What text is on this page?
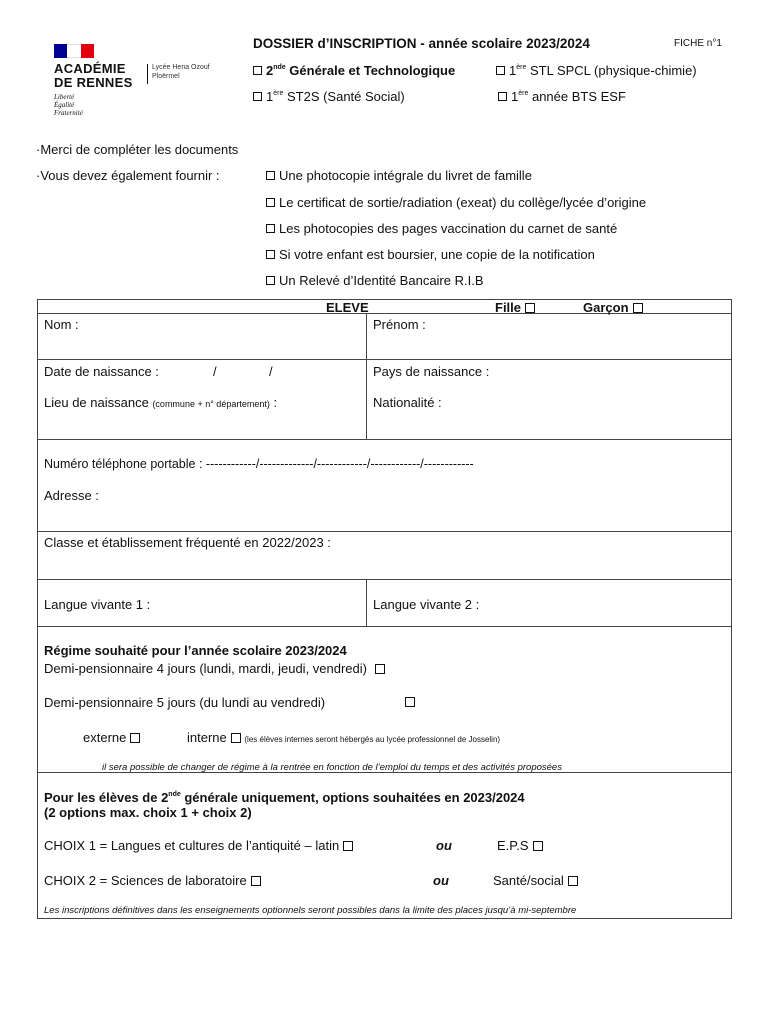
ACADÉMIE
DE RENNES
Liberté
Égalité
Fraternité
Lycée Hena Ozouf
Ploërmel
DOSSIER d’INSCRIPTION - année scolaire 2023/2024	FICHE n°1
2nde Générale et Technologique	1ère STL SPCL (physique-chimie)
1ère ST2S (Santé Social)	1ère année BTS ESF
·Merci de compléter les documents
·Vous devez également fournir :	Une photocopie intégrale du livret de famille
Le certificat de sortie/radiation (exeat) du collège/lycée d’origine
Les photocopies des pages vaccination du carnet de santé
Si votre enfant est boursier, une copie de la notification
Un Relevé d’Identité Bancaire R.I.B
ELEVE	Fille	Garçon
Nom :	Prénom :
Date de naissance :	/	/	Pays de naissance :
Lieu de naissance (commune + n° département) :	Nationalité :
Numéro téléphone portable : ------------/-------------/------------/------------/------------
Adresse :
Classe et établissement fréquenté en 2022/2023 :
Langue vivante 1 :	Langue vivante 2 :
Régime souhaité pour l’année scolaire 2023/2024
Demi-pensionnaire 4 jours (lundi, mardi, jeudi, vendredi)
Demi-pensionnaire 5 jours (du lundi au vendredi)
externe	interne (les élèves internes seront hébergés au lycée professionnel de Josselin)
il sera possible de changer de régime à la rentrée en fonction de l’emploi du temps et des activités proposées
Pour les élèves de 2nde générale uniquement, options souhaitées en 2023/2024
(2 options max. choix 1 + choix 2)
CHOIX 1 = Langues et cultures de l’antiquité – latin	ou	E.P.S
CHOIX 2 = Sciences de laboratoire	ou	Santé/social
Les inscriptions définitives dans les enseignements optionnels seront possibles dans la limite des places jusqu’à mi-septembre
